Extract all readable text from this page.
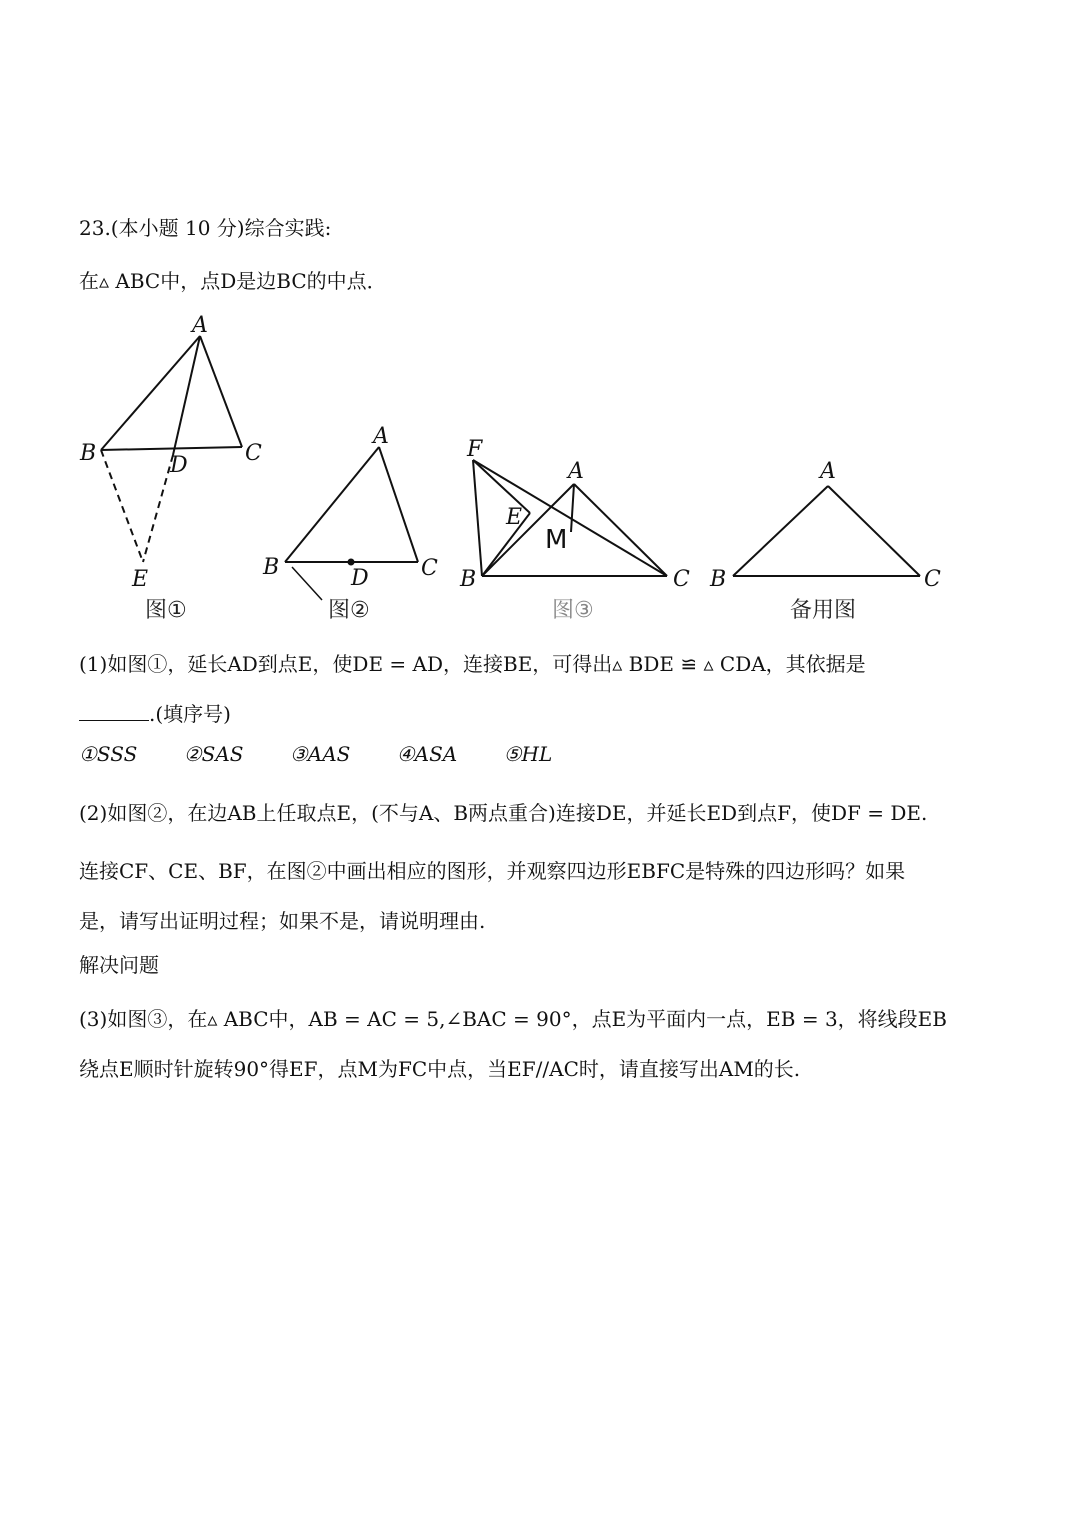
23.(本小题 10 分)综合实践:
在▵ ABC中，点D是边BC的中点．
A
B	C
D
E
图①
A
B	C
D
图②
F
A
E
M
B	C
图③
A
B	C
备用图
(1)如图①，延长AD到点E，使DE = AD，连接BE，可得出▵ BDE ≌ ▵ CDA，其依据是
.(填序号)
①SSS ②SAS ③AAS ④ASA ⑤HL
(2)如图②，在边AB上任取点E，(不与A、B两点重合)连接DE，并延长ED到点F，使DF = DE.
连接CF、CE、BF，在图②中画出相应的图形，并观察四边形EBFC是特殊的四边形吗？如果
是，请写出证明过程；如果不是，请说明理由.
解决问题
(3)如图③，在▵ ABC中，AB = AC = 5,∠BAC = 90°，点E为平面内一点，EB = 3，将线段EB
绕点E顺时针旋转90°得EF，点M为FC中点，当EF//AC时，请直接写出AM的长.
